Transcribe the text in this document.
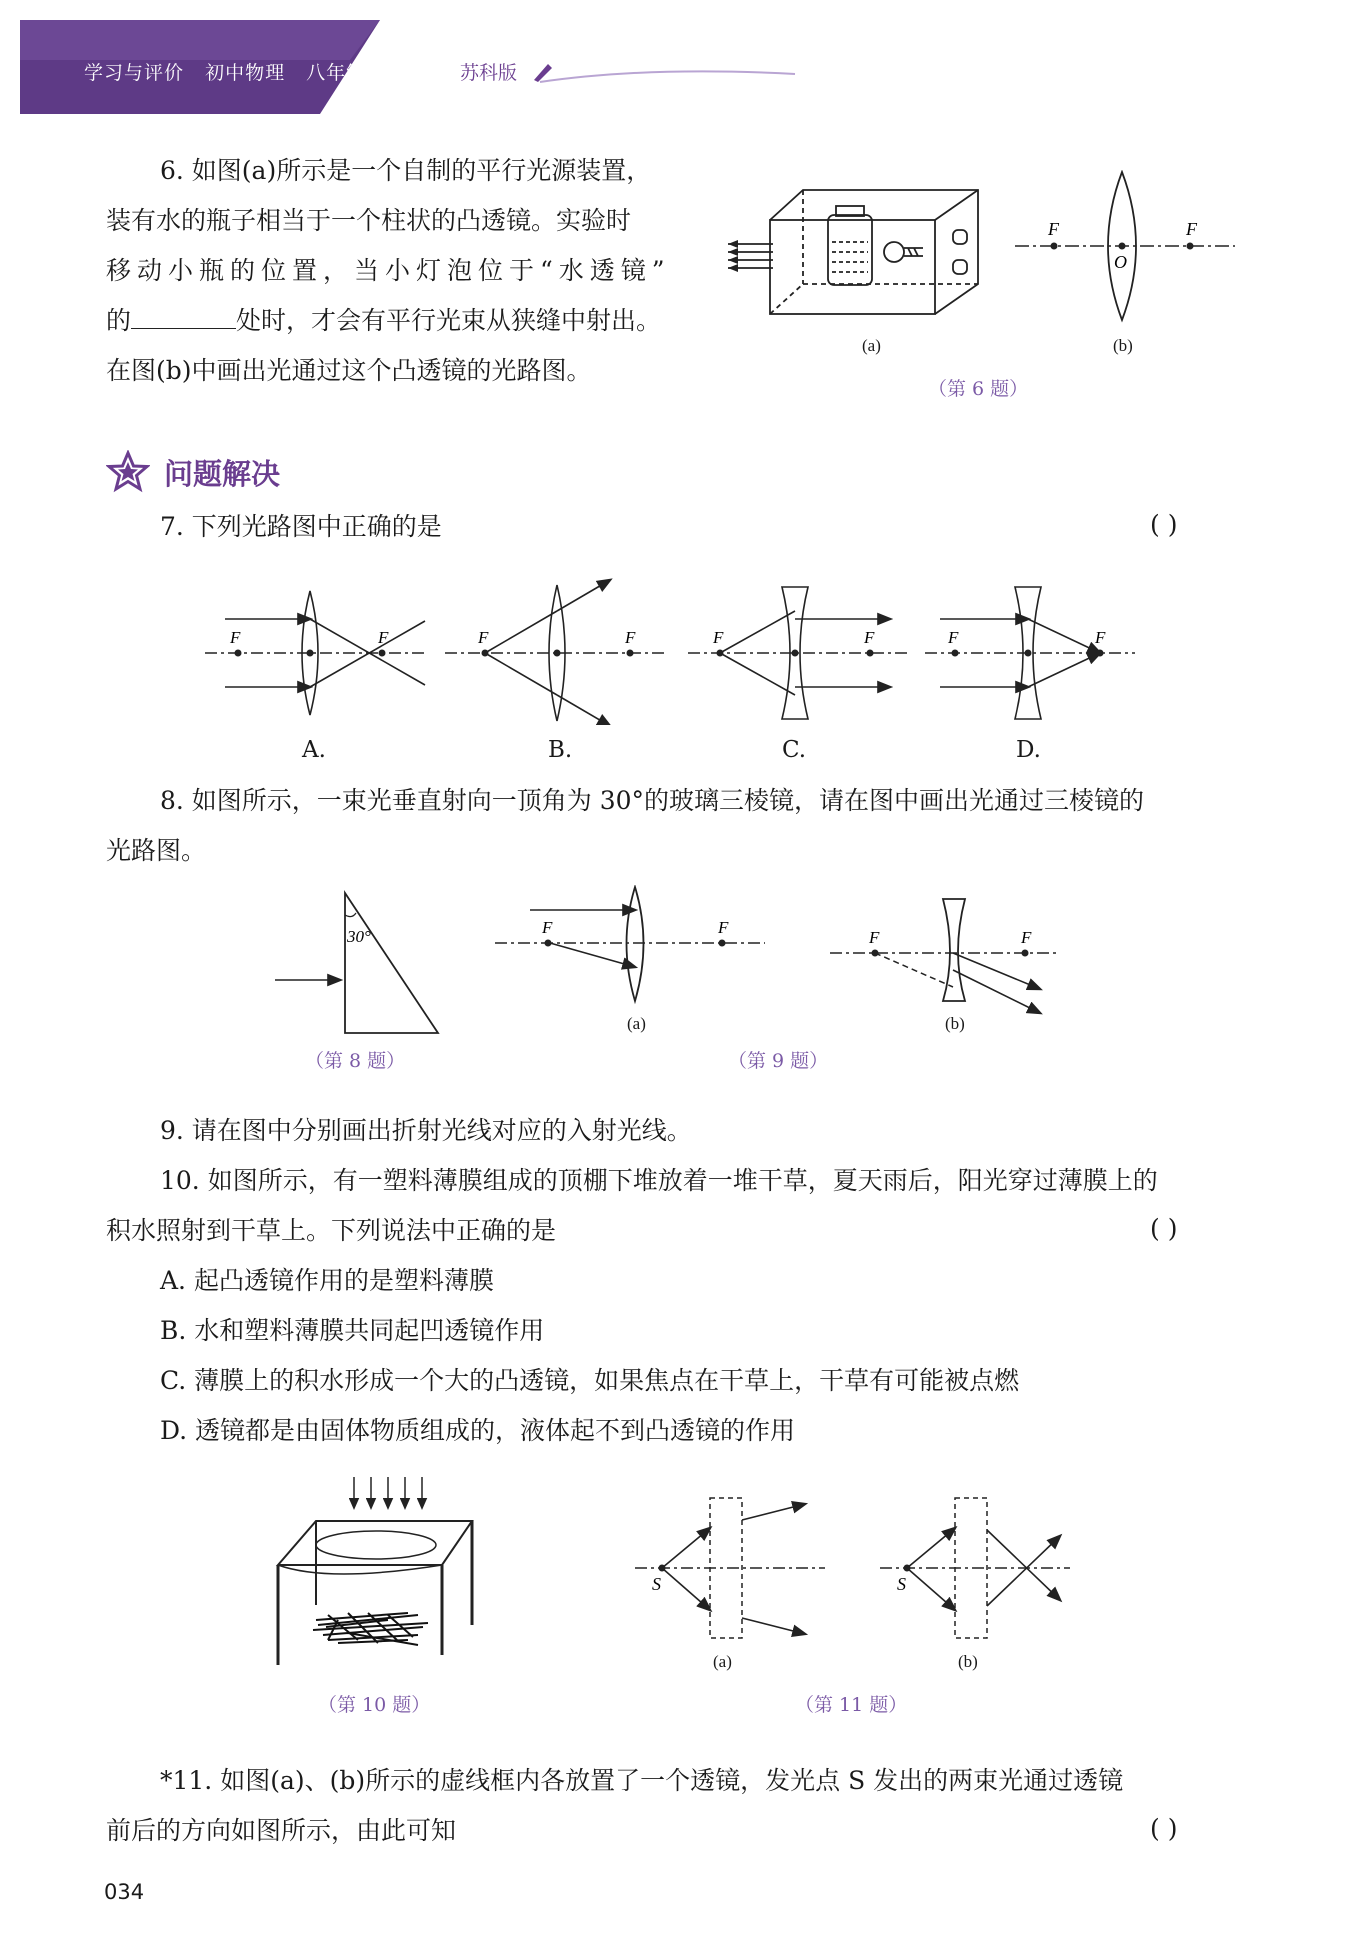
学习与评价 初中物理 八年级上册	苏科版
6. 如图(a)所示是一个自制的平行光源装置，
装有水的瓶子相当于一个柱状的凸透镜。实验时
移动小瓶的位置，当小灯泡位于“水透镜”
的	处时，才会有平行光束从狭缝中射出。
在图(b)中画出光通过这个凸透镜的光路图。
(a)
F
O
F
(b)
（第 6 题）
问题解决
7. 下列光路图中正确的是	( )
F	F	F	F	F	F	F	F
A.	B.	C.	D.
8. 如图所示，一束光垂直射向一顶角为 30°的玻璃三棱镜，请在图中画出光通过三棱镜的
光路图。
30°
（第 8 题）
F	F
(a)
F	F
(b)
（第 9 题）
9. 请在图中分别画出折射光线对应的入射光线。
10. 如图所示，有一塑料薄膜组成的顶棚下堆放着一堆干草，夏天雨后，阳光穿过薄膜上的
积水照射到干草上。下列说法中正确的是	( )
A. 起凸透镜作用的是塑料薄膜
B. 水和塑料薄膜共同起凹透镜作用
C. 薄膜上的积水形成一个大的凸透镜，如果焦点在干草上，干草有可能被点燃
D. 透镜都是由固体物质组成的，液体起不到凸透镜的作用
（第 10 题）
S
(a)
S
(b)
（第 11 题）
*11. 如图(a)、(b)所示的虚线框内各放置了一个透镜，发光点 S 发出的两束光通过透镜
前后的方向如图所示，由此可知	( )
034
